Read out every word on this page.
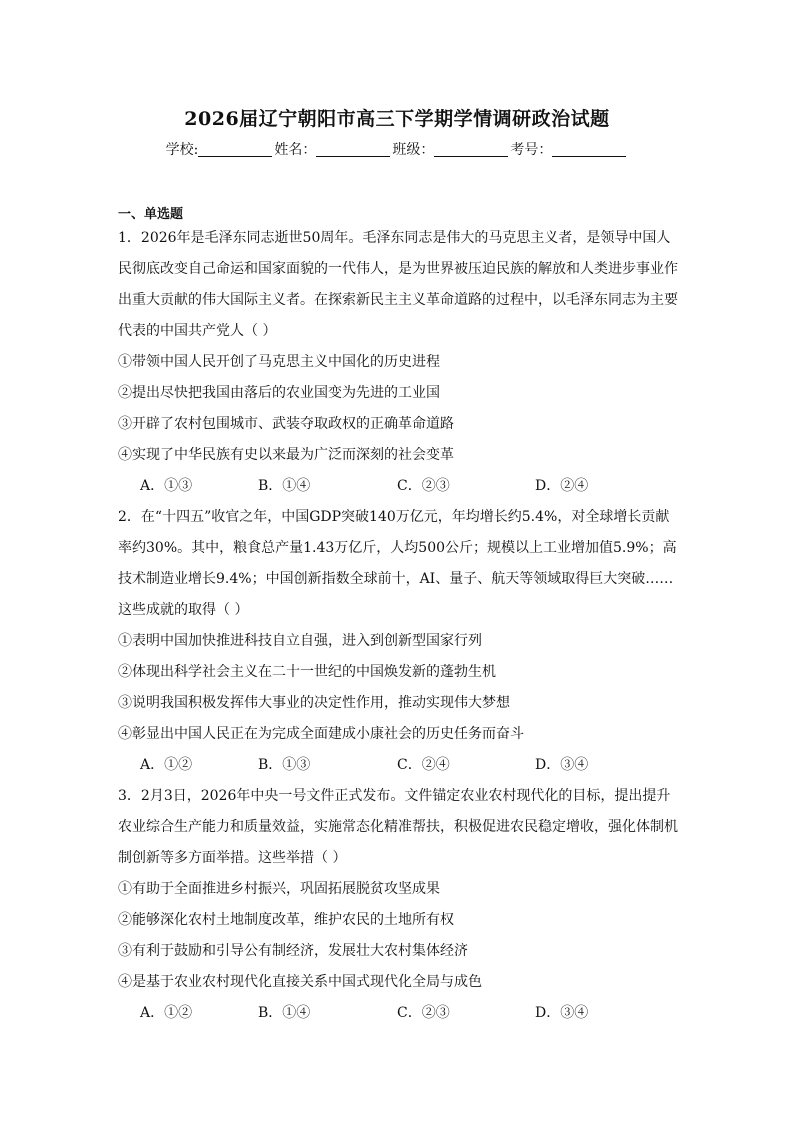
2026届辽宁朝阳市高三下学期学情调研政治试题
学校:	姓名：	班级：	考号：
一、单选题
1．2026年是毛泽东同志逝世50周年。毛泽东同志是伟大的马克思主义者，是领导中国人
民彻底改变自己命运和国家面貌的一代伟人，是为世界被压迫民族的解放和人类进步事业作
出重大贡献的伟大国际主义者。在探索新民主主义革命道路的过程中，以毛泽东同志为主要
代表的中国共产党人（ ）
①带领中国人民开创了马克思主义中国化的历史进程
②提出尽快把我国由落后的农业国变为先进的工业国
③开辟了农村包围城市、武装夺取政权的正确革命道路
④实现了中华民族有史以来最为广泛而深刻的社会变革
A．①③	B．①④	C．②③	D．②④
2．在“十四五”收官之年，中国GDP突破140万亿元，年均增长约5.4%，对全球增长贡献
率约30%。其中，粮食总产量1.43万亿斤，人均500公斤；规模以上工业增加值5.9%；高
技术制造业增长9.4%；中国创新指数全球前十，AI、量子、航天等领域取得巨大突破……
这些成就的取得（ ）
①表明中国加快推进科技自立自强，进入到创新型国家行列
②体现出科学社会主义在二十一世纪的中国焕发新的蓬勃生机
③说明我国积极发挥伟大事业的决定性作用，推动实现伟大梦想
④彰显出中国人民正在为完成全面建成小康社会的历史任务而奋斗
A．①②	B．①③	C．②④	D．③④
3．2月3日，2026年中央一号文件正式发布。文件锚定农业农村现代化的目标，提出提升
农业综合生产能力和质量效益，实施常态化精准帮扶，积极促进农民稳定增收，强化体制机
制创新等多方面举措。这些举措（ ）
①有助于全面推进乡村振兴，巩固拓展脱贫攻坚成果
②能够深化农村土地制度改革，维护农民的土地所有权
③有利于鼓励和引导公有制经济，发展壮大农村集体经济
④是基于农业农村现代化直接关系中国式现代化全局与成色
A．①②	B．①④	C．②③	D．③④
